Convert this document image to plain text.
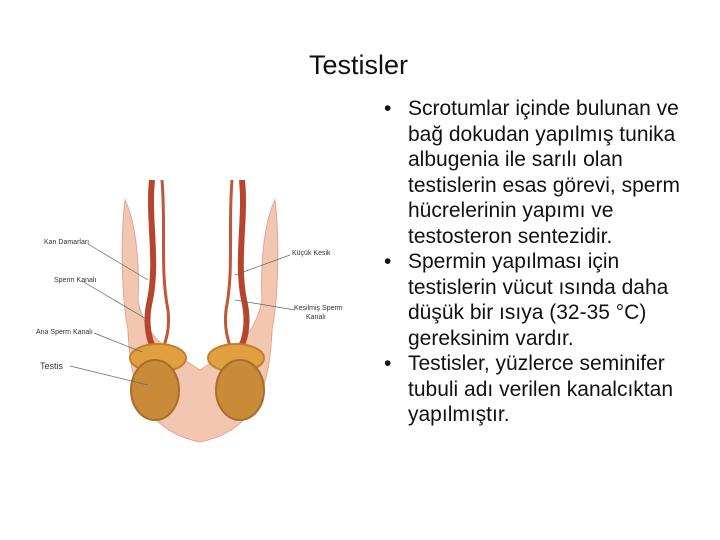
Testisler
• Scrotumlar içinde bulunan ve bağ dokudan yapılmış tunika albugenia ile sarılı olan testislerin esas görevi, sperm hücrelerinin yapımı ve testosteron sentezidir.
• Spermin yapılması için testislerin vücut ısında daha düşük bir ısıya (32-35 °C) gereksinim vardır.
• Testisler, yüzlerce seminifer tubuli adı verilen kanalcıktan yapılmıştır.
Kan Damarları
Sperm Kanalı
Ana Sperm Kanalı
Testis
Küçük Kesik
Kesilmiş Sperm
Kanalı
